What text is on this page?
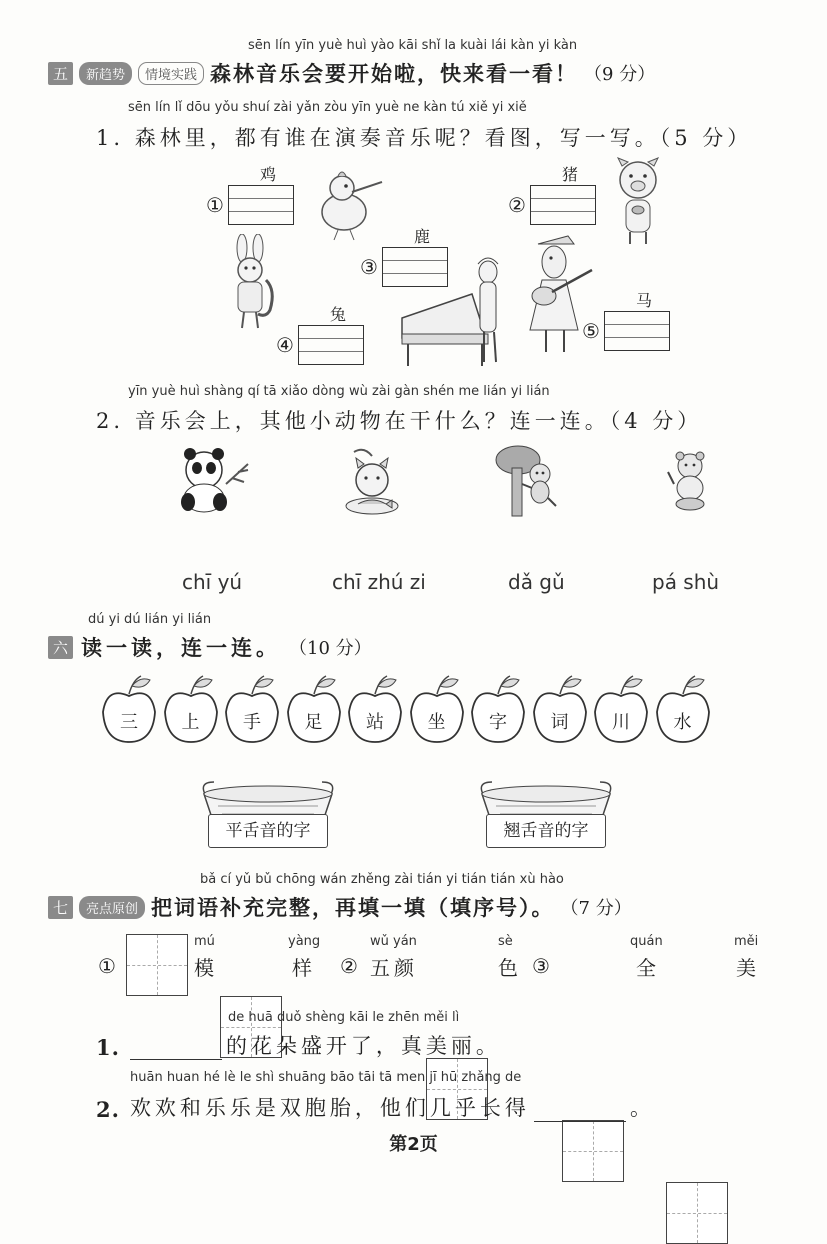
sēn lín yīn yuè huì yào kāi shǐ la kuài lái kàn yi kàn
五	新趋势	情境实践 森林音乐会要开始啦，快来看一看！ （9 分）
sēn lín lǐ dōu yǒu shuí zài yǎn zòu yīn yuè ne kàn tú xiě yi xiě
1. 森林里，都有谁在演奏音乐呢？看图，写一写。（5 分）
鸡
①
猪
②
鹿
③
兔
④
马
⑤
yīn yuè huì shàng qí tā xiǎo dòng wù zài gàn shén me lián yi lián
2. 音乐会上，其他小动物在干什么？连一连。（4 分）
chī yú	chī zhú zi	dǎ gǔ	pá shù
dú yi dú lián yi lián
六 读一读，连一连。 （10 分）
三	上	手	足	站	坐	字	词	川	水
平舌音的字	翘舌音的字
bǎ cí yǔ bǔ chōng wán zhěng zài tián yi tián tián xù hào
七	亮点原创 把词语补充完整，再填一填（填序号）。 （7 分）
①
mú
模
yàng
样 ②
wǔ yán
五颜
sè
色 ③
quán
全
měi
美
de huā duǒ shèng kāi le zhēn měi lì
1.	的花朵盛开了，真美丽。
huān huan hé lè le shì shuāng bāo tāi tā men jī hū zhǎng de
2. 欢欢和乐乐是双胞胎，他们几乎长得	。
第2页
